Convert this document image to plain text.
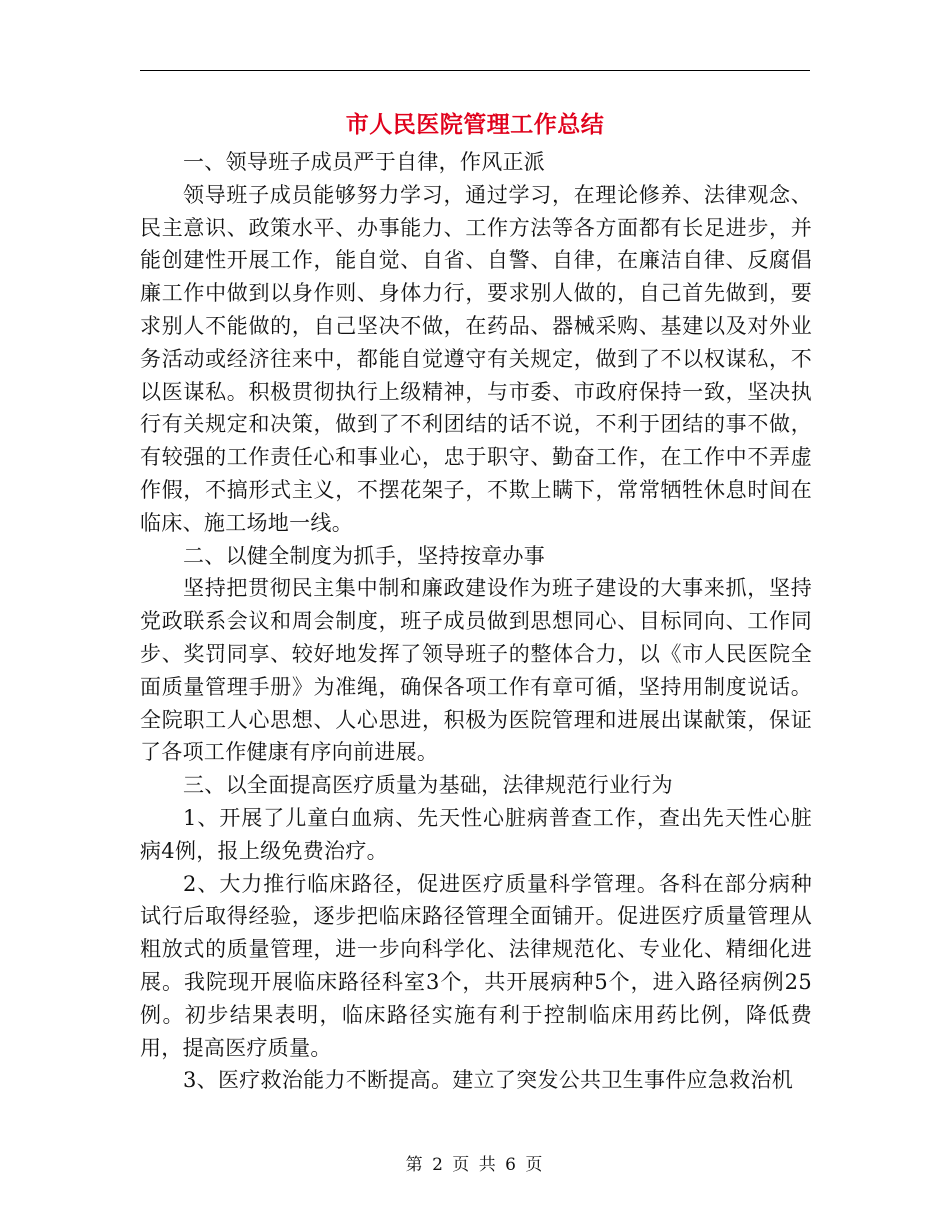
市人民医院管理工作总结

一、领导班子成员严于自律，作风正派

领导班子成员能够努力学习，通过学习，在理论修养、法律观念、民主意识、政策水平、办事能力、工作方法等各方面都有长足进步，并能创建性开展工作，能自觉、自省、自警、自律，在廉洁自律、反腐倡廉工作中做到以身作则、身体力行，要求别人做的，自己首先做到，要求别人不能做的，自己坚决不做，在药品、器械采购、基建以及对外业务活动或经济往来中，都能自觉遵守有关规定，做到了不以权谋私，不以医谋私。积极贯彻执行上级精神，与市委、市政府保持一致，坚决执行有关规定和决策，做到了不利团结的话不说，不利于团结的事不做，有较强的工作责任心和事业心，忠于职守、勤奋工作，在工作中不弄虚作假，不搞形式主义，不摆花架子，不欺上瞒下，常常牺牲休息时间在临床、施工场地一线。

二、以健全制度为抓手，坚持按章办事

坚持把贯彻民主集中制和廉政建设作为班子建设的大事来抓，坚持党政联系会议和周会制度，班子成员做到思想同心、目标同向、工作同步、奖罚同享、较好地发挥了领导班子的整体合力，以《市人民医院全面质量管理手册》为准绳，确保各项工作有章可循，坚持用制度说话。全院职工人心思想、人心思进，积极为医院管理和进展出谋献策，保证了各项工作健康有序向前进展。

三、以全面提高医疗质量为基础，法律规范行业行为

1、开展了儿童白血病、先天性心脏病普查工作，查出先天性心脏病4例，报上级免费治疗。

2、大力推行临床路径，促进医疗质量科学管理。各科在部分病种试行后取得经验，逐步把临床路径管理全面铺开。促进医疗质量管理从粗放式的质量管理，进一步向科学化、法律规范化、专业化、精细化进展。我院现开展临床路径科室3个，共开展病种5个，进入路径病例25例。初步结果表明，临床路径实施有利于控制临床用药比例，降低费用，提高医疗质量。

3、医疗救治能力不断提高。建立了突发公共卫生事件应急救治机

第 2 页 共 6 页
